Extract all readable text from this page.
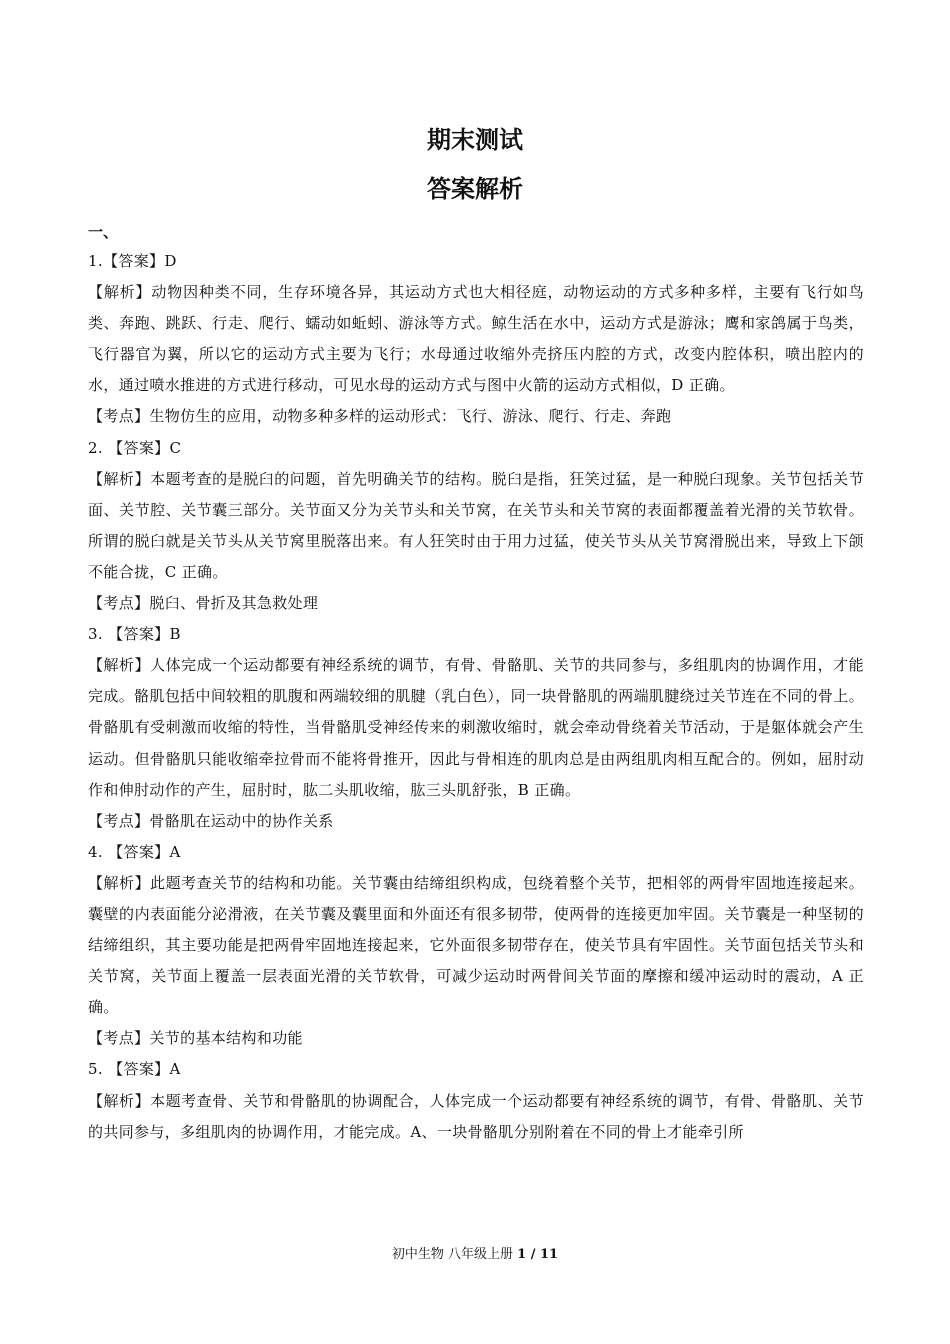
期末测试
答案解析
一、

1.【答案】D

【解析】动物因种类不同，生存环境各异，其运动方式也大相径庭，动物运动的方式多种多样，主要有飞行如鸟类、奔跑、跳跃、行走、爬行、蠕动如蚯蚓、游泳等方式。鲸生活在水中，运动方式是游泳；鹰和家鸽属于鸟类，飞行器官为翼，所以它的运动方式主要为飞行；水母通过收缩外壳挤压内腔的方式，改变内腔体积，喷出腔内的水，通过喷水推进的方式进行移动，可见水母的运动方式与图中火箭的运动方式相似，D 正确。

【考点】生物仿生的应用，动物多种多样的运动形式：飞行、游泳、爬行、行走、奔跑

2. 【答案】C

【解析】本题考查的是脱臼的问题，首先明确关节的结构。脱臼是指，狂笑过猛，是一种脱臼现象。关节包括关节面、关节腔、关节囊三部分。关节面又分为关节头和关节窝，在关节头和关节窝的表面都覆盖着光滑的关节软骨。所谓的脱臼就是关节头从关节窝里脱落出来。有人狂笑时由于用力过猛，使关节头从关节窝滑脱出来，导致上下颌不能合拢，C 正确。

【考点】脱臼、骨折及其急救处理

3. 【答案】B

【解析】人体完成一个运动都要有神经系统的调节，有骨、骨骼肌、关节的共同参与，多组肌肉的协调作用，才能完成。骼肌包括中间较粗的肌腹和两端较细的肌腱（乳白色），同一块骨骼肌的两端肌腱绕过关节连在不同的骨上。骨骼肌有受刺激而收缩的特性，当骨骼肌受神经传来的刺激收缩时，就会牵动骨绕着关节活动，于是躯体就会产生运动。但骨骼肌只能收缩牵拉骨而不能将骨推开，因此与骨相连的肌肉总是由两组肌肉相互配合的。例如，屈肘动作和伸肘动作的产生，屈肘时，肱二头肌收缩，肱三头肌舒张，B 正确。

【考点】骨骼肌在运动中的协作关系

4. 【答案】A

【解析】此题考查关节的结构和功能。关节囊由结缔组织构成，包绕着整个关节，把相邻的两骨牢固地连接起来。囊壁的内表面能分泌滑液，在关节囊及囊里面和外面还有很多韧带，使两骨的连接更加牢固。关节囊是一种坚韧的结缔组织，其主要功能是把两骨牢固地连接起来，它外面很多韧带存在，使关节具有牢固性。关节面包括关节头和关节窝，关节面上覆盖一层表面光滑的关节软骨，可减少运动时两骨间关节面的摩擦和缓冲运动时的震动，A 正确。

【考点】关节的基本结构和功能

5. 【答案】A

【解析】本题考查骨、关节和骨骼肌的协调配合，人体完成一个运动都要有神经系统的调节，有骨、骨骼肌、关节的共同参与，多组肌肉的协调作用，才能完成。A、一块骨骼肌分别附着在不同的骨上才能牵引所

初中生物 八年级上册 1 / 11
